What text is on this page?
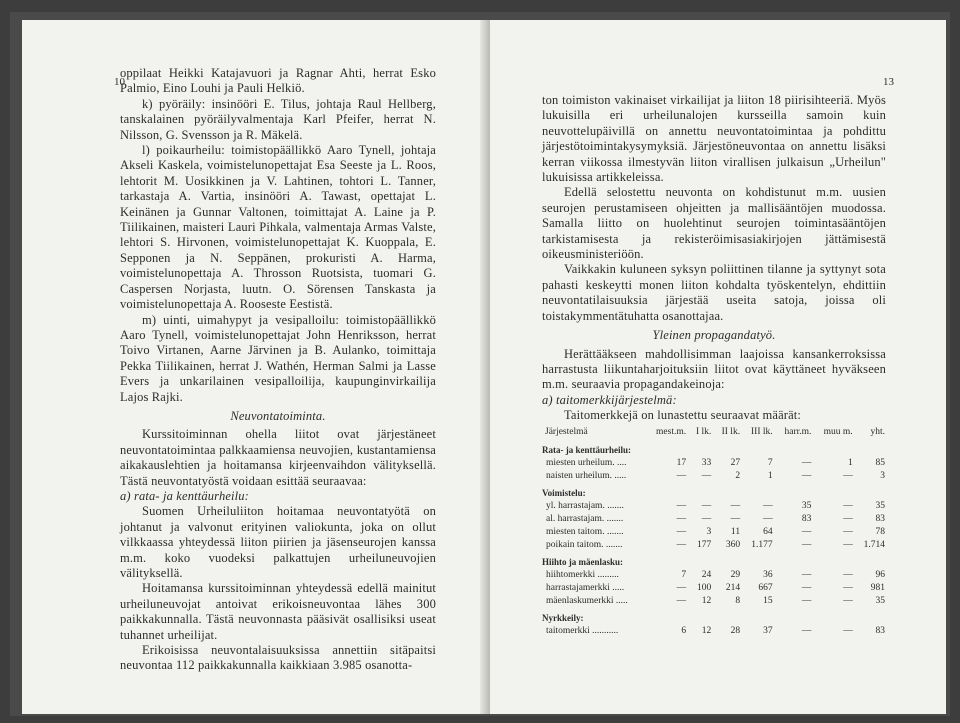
10

oppilaat Heikki Katajavuori ja Ragnar Ahti, herrat Esko Palmio, Eino Louhi ja Pauli Helkiö.

k) pyöräily: insinööri E. Tilus, johtaja Raul Hellberg, tanskalainen pyöräilyvalmentaja Karl Pfeifer, herrat N. Nilsson, G. Svensson ja R. Mäkelä.

l) poikaurheilu: toimistopäällikkö Aaro Tynell, johtaja Akseli Kaskela, voimistelunopettajat Esa Seeste ja L. Roos, lehtorit M. Uosikkinen ja V. Lahtinen, tohtori L. Tanner, tarkastaja A. Vartia, insinööri A. Tawast, opettajat L. Keinänen ja Gunnar Valtonen, toimittajat A. Laine ja P. Tiilikainen, maisteri Lauri Pihkala, valmentaja Armas Valste, lehtori S. Hirvonen, voimistelunopettajat K. Kuoppala, E. Sepponen ja N. Seppänen, prokuristi A. Harma, voimistelunopettaja A. Throsson Ruotsista, tuomari G. Caspersen Norjasta, luutn. O. Sörensen Tanskasta ja voimistelunopettaja A. Rooseste Eestistä.

m) uinti, uimahypyt ja vesipalloilu: toimistopäällikkö Aaro Tynell, voimistelunopettajat John Henriksson, herrat Toivo Virtanen, Aarne Järvinen ja B. Aulanko, toimittaja Pekka Tiilikainen, herrat J. Wathén, Herman Salmi ja Lasse Evers ja unkarilainen vesipalloilija, kaupunginvirkailija Lajos Rajki.

Neuvontatoiminta.

Kurssitoiminnan ohella liitot ovat järjestäneet neuvontatoimintaa palkkaamiensa neuvojien, kustantamiensa aikakauslehtien ja hoitamansa kirjeenvaihdon välityksellä. Tästä neuvontatyöstä voidaan esittää seuraavaa:

a) rata- ja kenttäurheilu:

Suomen Urheiluliiton hoitamaa neuvontatyötä on johtanut ja valvonut erityinen valiokunta, joka on ollut vilkkaassa yhteydessä liiton piirien ja jäsenseurojen kanssa m.m. koko vuodeksi palkattujen urheiluneuvojien välityksellä.

Hoitamansa kurssitoiminnan yhteydessä edellä mainitut urheiluneuvojat antoivat erikoisneuvontaa lähes 300 paikkakunnalla. Tästä neuvonnasta pääsivät osallisiksi useat tuhannet urheilijat.

Erikoisissa neuvontalaisuuksissa annettiin sitäpaitsi neuvontaa 112 paikkakunnalla kaikkiaan 3.985 osanotta-

13

ton toimiston vakinaiset virkailijat ja liiton 18 piirisihteeriä. Myös lukuisilla eri urheilunalojen kursseilla samoin kuin neuvottelupäivillä on annettu neuvontatoimintaa ja pohdittu järjestötoimintakysymyksiä. Järjestöneuvontaa on annettu lisäksi kerran viikossa ilmestyvän liiton virallisen julkaisun „Urheilun" lukuisissa artikkeleissa.

Edellä selostettu neuvonta on kohdistunut m.m. uusien seurojen perustamiseen ohjeitten ja mallisääntöjen muodossa. Samalla liitto on huolehtinut seurojen toimintasääntöjen tarkistamisesta ja rekisteröimisasiakirjojen jättämisestä oikeusministeriöön.

Vaikkakin kuluneen syksyn poliittinen tilanne ja syttynyt sota pahasti keskeytti monen liiton kohdalta työskentelyn, ehdittiin neuvontatilaisuuksia järjestää useita satoja, joissa oli toistakymmentätuhatta osanottajaa.

Yleinen propagandatyö.

Herättääkseen mahdollisimman laajoissa kansankerroksissa harrastusta liikuntaharjoituksiin liitot ovat käyttäneet hyväkseen m.m. seuraavia propagandakeinoja:

a) taitomerkkijärjestelmä:

Taitomerkkejä on lunastettu seuraavat määrät:

Järjestelmä	mest.m.	I lk.	II lk.	III lk.	harr.m.	muu m.	yht.
Rata- ja kenttäurheilu:							
miesten urheilum. ....	17	33	27	7	—	1	85
naisten urheilum. .....	—	—	2	1	—	—	3
Voimistelu:							
yl. harrastajam. .......	—	—	—	—	35	—	35
al. harrastajam. .......	—	—	—	—	83	—	83
miesten taitom. .......	—	3	11	64	—	—	78
poikain taitom. .......	—	177	360	1.177	—	—	1.714
Hiihto ja mäenlasku:							
hiihtomerkki .........	7	24	29	36	—	—	96
harrastajamerkki .....	—	100	214	667	—	—	981
mäenlaskumerkki .....	—	12	8	15	—	—	35
Nyrkkeily:							
taitomerkki ...........	6	12	28	37	—	—	83
